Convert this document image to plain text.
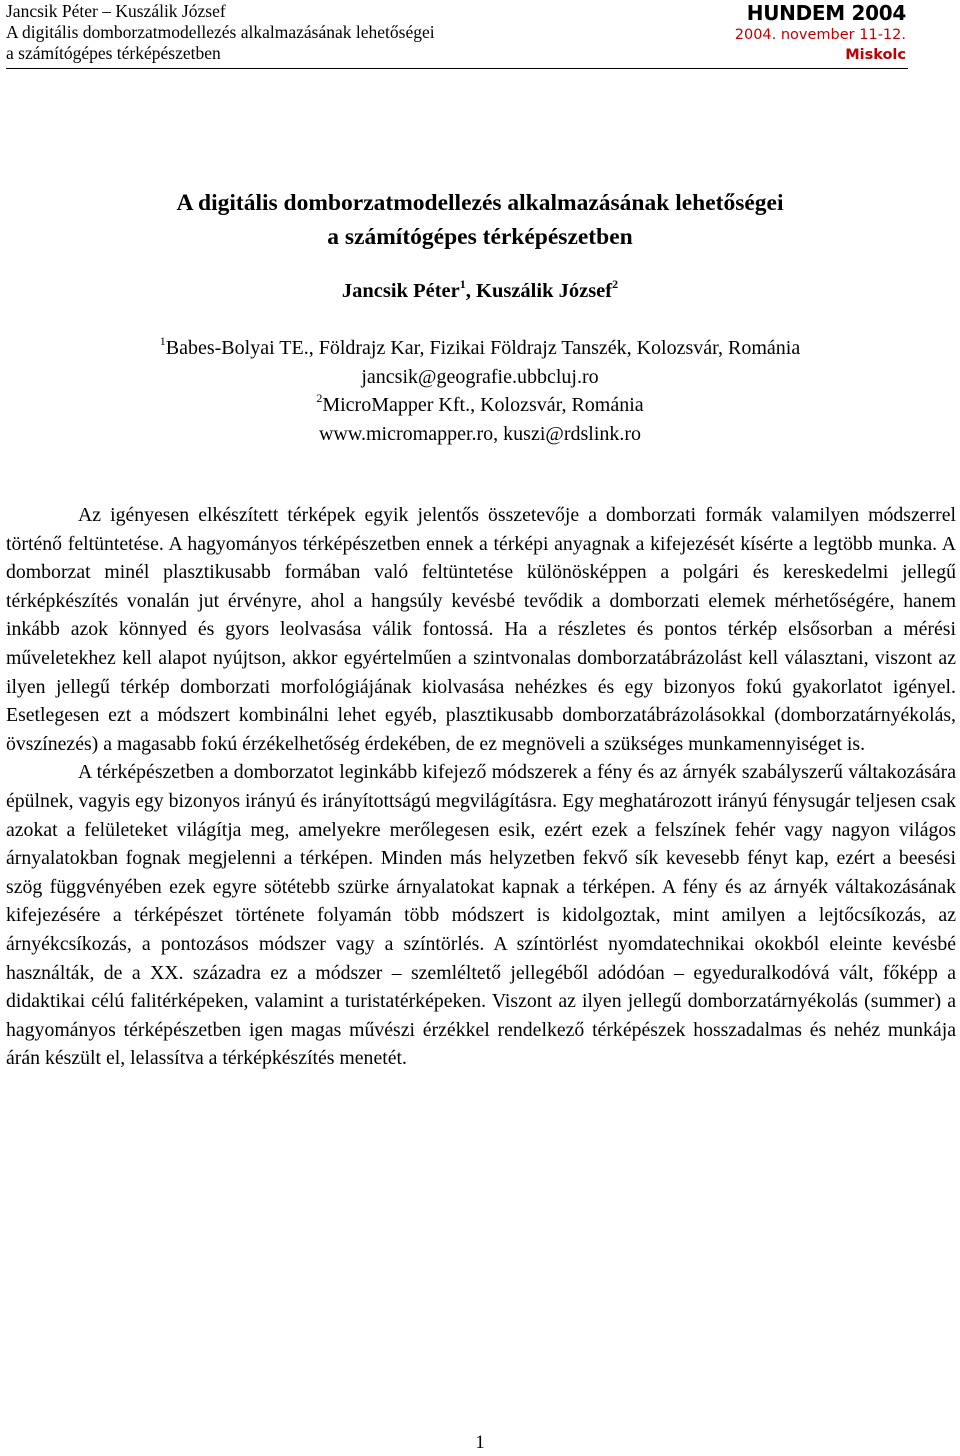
Jancsik Péter – Kuszálik József
A digitális domborzatmodellezés alkalmazásának lehetőségei
a számítógépes térképészetben
HUNDEM 2004
2004. november 11-12.
Miskolc
A digitális domborzatmodellezés alkalmazásának lehetőségei
a számítógépes térképészetben
Jancsik Péter$^1$, Kuszálik József$^2$
$^1$Babes-Bolyai TE., Földrajz Kar, Fizikai Földrajz Tanszék, Kolozsvár, Románia
jancsik@geografie.ubbcluj.ro
$^2$MicroMapper Kft., Kolozsvár, Románia
www.micromapper.ro, kuszi@rdslink.ro

Az igényesen elkészített térképek egyik jelentős összetevője a domborzati formák valamilyen módszerrel történő feltüntetése. A hagyományos térképészetben ennek a térképi anyagnak a kifejezését kísérte a legtöbb munka. A domborzat minél plasztikusabb formában való feltüntetése különösképpen a polgári és kereskedelmi jellegű térképkészítés vonalán jut érvényre, ahol a hangsúly kevésbé tevődik a domborzati elemek mérhetőségére, hanem inkább azok könnyed és gyors leolvasása válik fontossá. Ha a részletes és pontos térkép elsősorban a mérési műveletekhez kell alapot nyújtson, akkor egyértelműen a szintvonalas domborzatábrázolást kell választani, viszont az ilyen jellegű térkép domborzati morfológiájának kiolvasása nehézkes és egy bizonyos fokú gyakorlatot igényel. Esetlegesen ezt a módszert kombinálni lehet egyéb, plasztikusabb domborzatábrázolásokkal (domborzatárnyékolás, övszínezés) a magasabb fokú érzékelhetőség érdekében, de ez megnöveli a szükséges munkamennyiséget is.

A térképészetben a domborzatot leginkább kifejező módszerek a fény és az árnyék szabályszerű váltakozására épülnek, vagyis egy bizonyos irányú és irányítottságú megvilágításra. Egy meghatározott irányú fénysugár teljesen csak azokat a felületeket világítja meg, amelyekre merőlegesen esik, ezért ezek a felszínek fehér vagy nagyon világos árnyalatokban fognak megjelenni a térképen. Minden más helyzetben fekvő sík kevesebb fényt kap, ezért a beesési szög függvényében ezek egyre sötétebb szürke árnyalatokat kapnak a térképen. A fény és az árnyék váltakozásának kifejezésére a térképészet története folyamán több módszert is kidolgoztak, mint amilyen a lejtőcsíkozás, az árnyékcsíkozás, a pontozásos módszer vagy a színtörlés. A színtörlést nyomdatechnikai okokból eleinte kevésbé használták, de a XX. századra ez a módszer – szemléltető jellegéből adódóan – egyeduralkodóvá vált, főképp a didaktikai célú falitérképeken, valamint a turistatérképeken. Viszont az ilyen jellegű domborzatárnyékolás (summer) a hagyományos térképészetben igen magas művészi érzékkel rendelkező térképészek hosszadalmas és nehéz munkája árán készült el, lelassítva a térképkészítés menetét.

1
